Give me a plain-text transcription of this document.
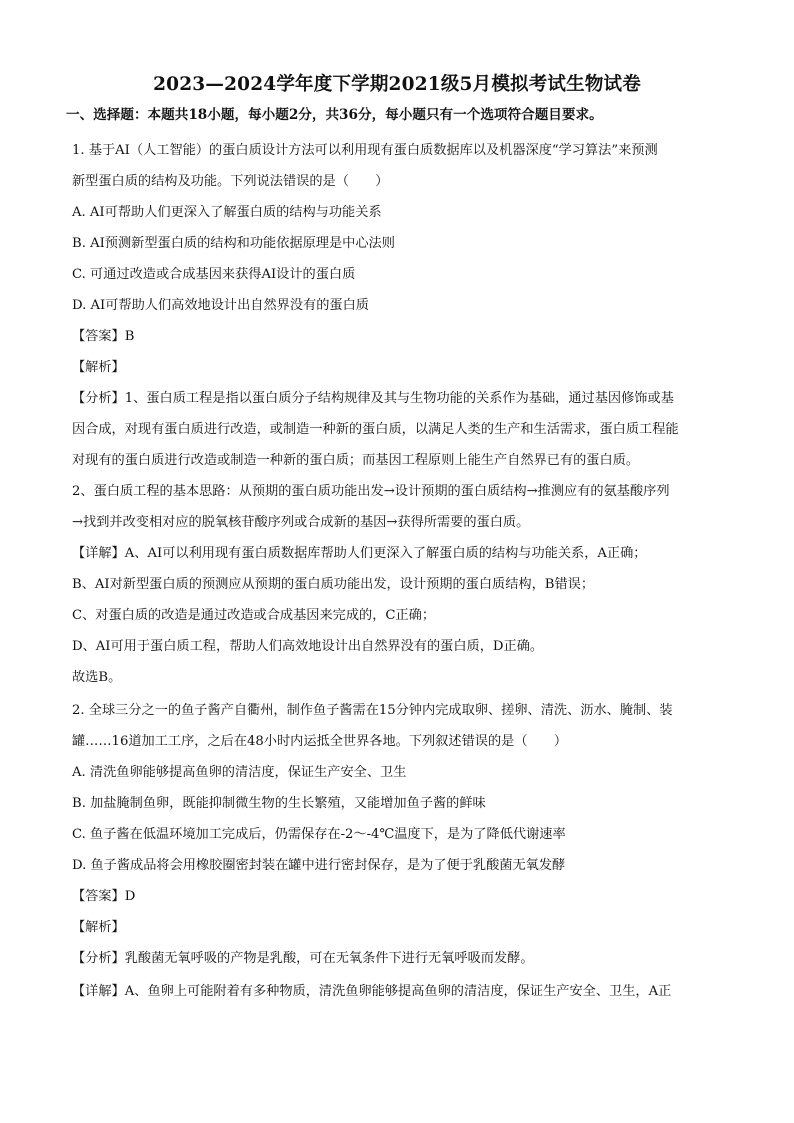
2023—2024学年度下学期2021级5月模拟考试生物试卷
一、选择题：本题共18小题，每小题2分，共36分，每小题只有一个选项符合题目要求。
1. 基于AI（人工智能）的蛋白质设计方法可以利用现有蛋白质数据库以及机器深度“学习算法”来预测
新型蛋白质的结构及功能。下列说法错误的是（　　）
A. AI可帮助人们更深入了解蛋白质的结构与功能关系
B. AI预测新型蛋白质的结构和功能依据原理是中心法则
C. 可通过改造或合成基因来获得AI设计的蛋白质
D. AI可帮助人们高效地设计出自然界没有的蛋白质
【答案】B
【解析】
【分析】1、蛋白质工程是指以蛋白质分子结构规律及其与生物功能的关系作为基础，通过基因修饰或基
因合成，对现有蛋白质进行改造，或制造一种新的蛋白质，以满足人类的生产和生活需求，蛋白质工程能
对现有的蛋白质进行改造或制造一种新的蛋白质；而基因工程原则上能生产自然界已有的蛋白质。
2、蛋白质工程的基本思路：从预期的蛋白质功能出发→设计预期的蛋白质结构→推测应有的氨基酸序列
→找到并改变相对应的脱氧核苷酸序列或合成新的基因→获得所需要的蛋白质。
【详解】A、AI可以利用现有蛋白质数据库帮助人们更深入了解蛋白质的结构与功能关系，A正确；
B、AI对新型蛋白质的预测应从预期的蛋白质功能出发，设计预期的蛋白质结构，B错误；
C、对蛋白质的改造是通过改造或合成基因来完成的，C正确；
D、AI可用于蛋白质工程，帮助人们高效地设计出自然界没有的蛋白质，D正确。
故选B。
2. 全球三分之一的鱼子酱产自衢州，制作鱼子酱需在15分钟内完成取卵、搓卵、清洗、沥水、腌制、装
罐……16道加工工序，之后在48小时内运抵全世界各地。下列叙述错误的是（　　）
A. 清洗鱼卵能够提高鱼卵的清洁度，保证生产安全、卫生
B. 加盐腌制鱼卵，既能抑制微生物的生长繁殖，又能增加鱼子酱的鲜味
C. 鱼子酱在低温环境加工完成后，仍需保存在-2～-4℃温度下，是为了降低代谢速率
D. 鱼子酱成品将会用橡胶圈密封装在罐中进行密封保存，是为了便于乳酸菌无氧发酵
【答案】D
【解析】
【分析】乳酸菌无氧呼吸的产物是乳酸，可在无氧条件下进行无氧呼吸而发酵。
【详解】A、鱼卵上可能附着有多种物质，清洗鱼卵能够提高鱼卵的清洁度，保证生产安全、卫生，A正
